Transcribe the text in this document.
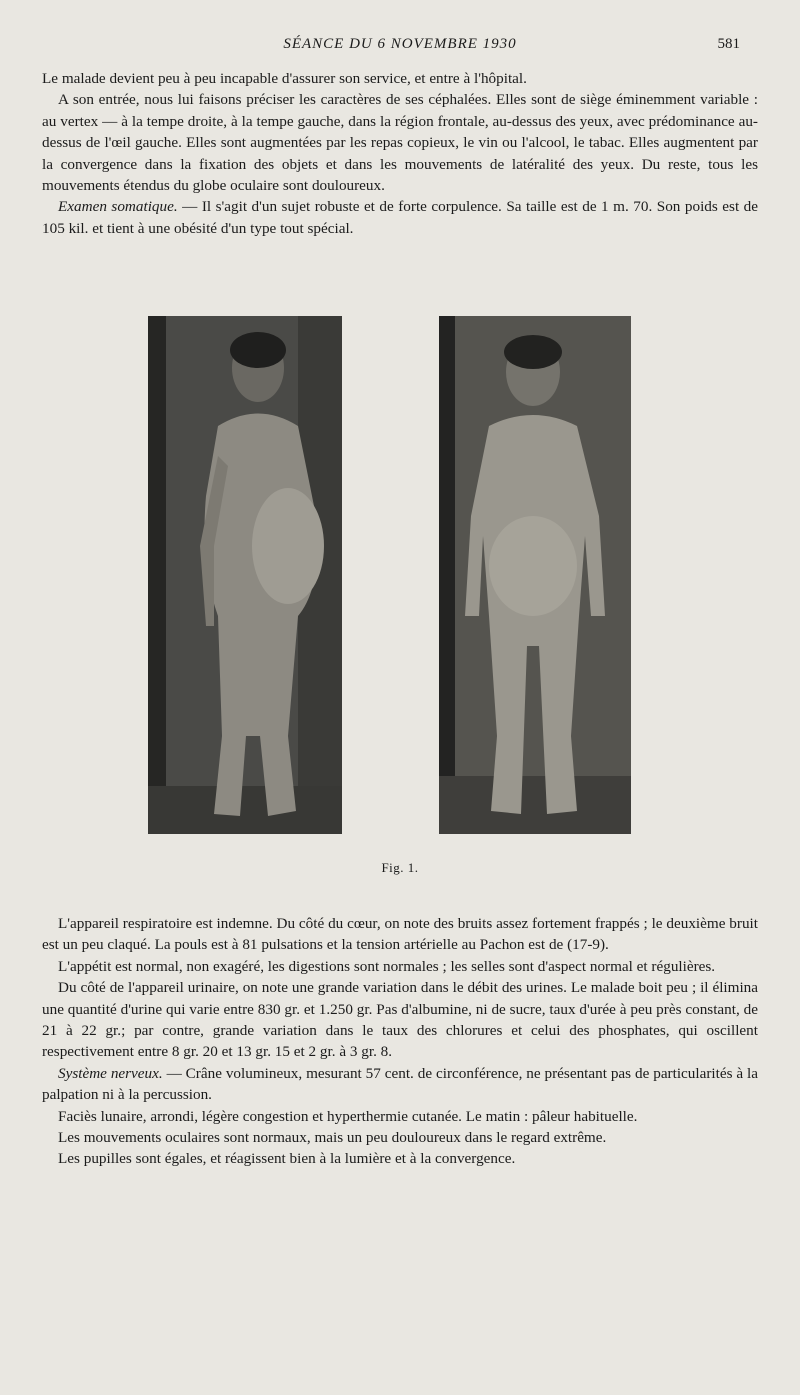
SÉANCE DU 6 NOVEMBRE 1930	581

Le malade devient peu à peu incapable d'assurer son service, et entre à l'hôpital.

A son entrée, nous lui faisons préciser les caractères de ses céphalées. Elles sont de siège éminemment variable : au vertex — à la tempe droite, à la tempe gauche, dans la région frontale, au-dessus des yeux, avec prédominance au-dessus de l'œil gauche. Elles sont augmentées par les repas copieux, le vin ou l'alcool, le tabac. Elles augmentent par la convergence dans la fixation des objets et dans les mouvements de latéralité des yeux. Du reste, tous les mouvements étendus du globe oculaire sont douloureux.

Examen somatique. — Il s'agit d'un sujet robuste et de forte corpulence. Sa taille est de 1 m. 70. Son poids est de 105 kil. et tient à une obésité d'un type tout spécial.

Fig. 1.

L'appareil respiratoire est indemne. Du côté du cœur, on note des bruits assez fortement frappés ; le deuxième bruit est un peu claqué. La pouls est à 81 pulsations et la tension artérielle au Pachon est de (17-9).

L'appétit est normal, non exagéré, les digestions sont normales ; les selles sont d'aspect normal et régulières.

Du côté de l'appareil urinaire, on note une grande variation dans le débit des urines. Le malade boit peu ; il élimina une quantité d'urine qui varie entre 830 gr. et 1.250 gr. Pas d'albumine, ni de sucre, taux d'urée à peu près constant, de 21 à 22 gr.; par contre, grande variation dans le taux des chlorures et celui des phosphates, qui oscillent respectivement entre 8 gr. 20 et 13 gr. 15 et 2 gr. à 3 gr. 8.

Système nerveux. — Crâne volumineux, mesurant 57 cent. de circonférence, ne présentant pas de particularités à la palpation ni à la percussion.

Faciès lunaire, arrondi, légère congestion et hyperthermie cutanée. Le matin : pâleur habituelle.

Les mouvements oculaires sont normaux, mais un peu douloureux dans le regard extrême.

Les pupilles sont égales, et réagissent bien à la lumière et à la convergence.
